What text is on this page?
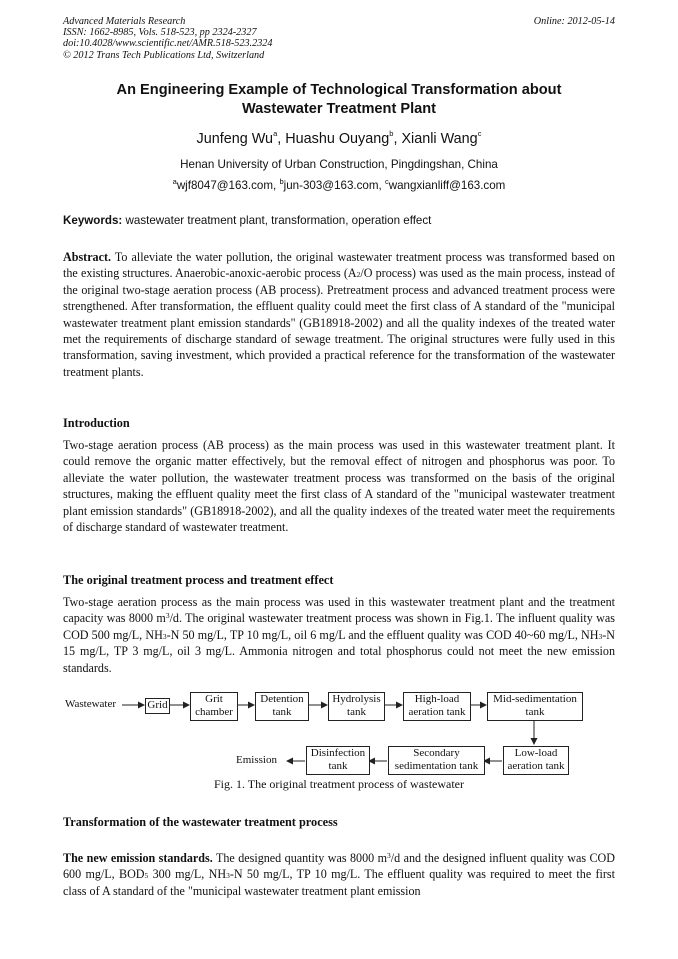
Advanced Materials Research
ISSN: 1662-8985, Vols. 518-523, pp 2324-2327
doi:10.4028/www.scientific.net/AMR.518-523.2324
© 2012 Trans Tech Publications Ltd, Switzerland
Online: 2012-05-14
An Engineering Example of Technological Transformation about
Wastewater Treatment Plant
Junfeng Wu$^a$, Huashu Ouyang$^b$, Xianli Wang$^c$
Henan University of Urban Construction, Pingdingshan, China
$^a$wjf8047@163.com, $^b$jun-303@163.com, $^c$wangxianliff@163.com
Keywords: wastewater treatment plant, transformation, operation effect
Abstract. To alleviate the water pollution, the original wastewater treatment process was transformed based on the existing structures. Anaerobic-anoxic-aerobic process ($A_2/O$ process) was used as the main process, instead of the original two-stage aeration process (AB process). Pretreatment process and advanced treatment process were strengthened. After transformation, the effluent quality could meet the first class of A standard of the "municipal wastewater treatment plant emission standards" (GB18918-2002) and all the quality indexes of the treated water met the requirements of discharge standard of sewage treatment. The original structures were fully used in this transformation, saving investment, which provided a practical reference for the transformation of the wastewater treatment plants.
Introduction
Two-stage aeration process (AB process) as the main process was used in this wastewater treatment plant. It could remove the organic matter effectively, but the removal effect of nitrogen and phosphorus was poor. To alleviate the water pollution, the wastewater treatment process was transformed on the basis of the original structures, making the effluent quality meet the first class of A standard of the "municipal wastewater treatment plant emission standards" (GB18918-2002), and all the quality indexes of the treated water meet the requirements of discharge standard of wastewater treatment.
The original treatment process and treatment effect
Two-stage aeration process as the main process was used in this wastewater treatment plant and the treatment capacity was 8000 $m^3/d$. The original wastewater treatment process was shown in Fig.1. The influent quality was COD 500 mg/L, $NH_3-N$ 50 mg/L, TP 10 mg/L, oil 6 mg/L and the effluent quality was COD 40~60 mg/L, $NH_3-N$ 15 mg/L, TP 3 mg/L, oil 3 mg/L. Ammonia nitrogen and total phosphorus could not meet the new emission standards.
Wastewater	Grid	Grit
chamber
Detention
tank
Hydrolysis
tank
High-load
aeration tank
Mid-sedimentation
tank
Low-load
aeration tank
Secondary
sedimentation tank
Disinfection
tank
Emission
Fig. 1. The original treatment process of wastewater
Transformation of the wastewater treatment process
The new emission standards. The designed quantity was 8000 $m^3/d$ and the designed influent quality was COD 600 mg/L, $BOD_5$ 300 mg/L, $NH_3-N$ 50 mg/L, TP 10 mg/L. The effluent quality was required to meet the first class of A standard of the "municipal wastewater treatment plant emission
